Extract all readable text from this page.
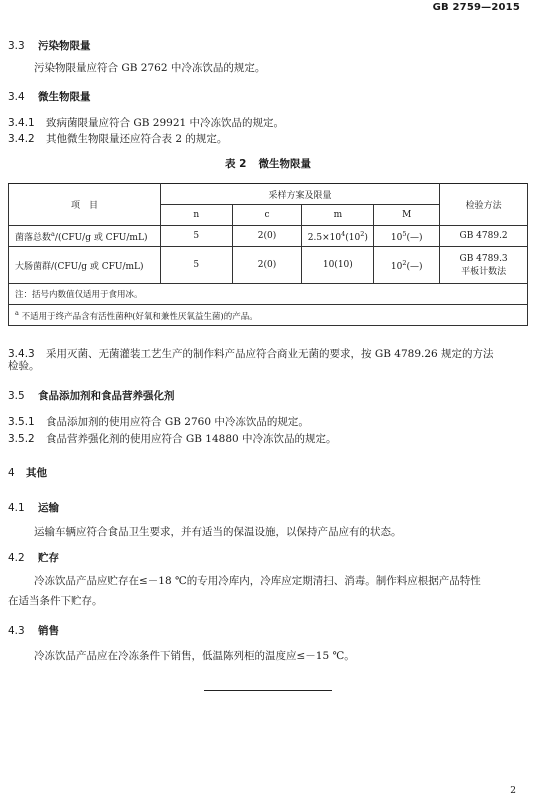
GB 2759—2015
3.3 污染物限量
污染物限量应符合 GB 2762 中冷冻饮品的规定。
3.4 微生物限量
3.4.1 致病菌限量应符合 GB 29921 中冷冻饮品的规定。
3.4.2 其他微生物限量还应符合表 2 的规定。
表 2 微生物限量
项　目	采样方案及限量				检验方法
	n	c	m	M	
菌落总数$^a$/(CFU/g 或 CFU/mL)	5	2(0)	$2.5\times 10^4(10^2)$	$10^5(—)$	GB 4789.2
大肠菌群/(CFU/g 或 CFU/mL)	5	2(0)	10(10)	$10^2(—)$	GB 4789.3
平板计数法

注：括号内数值仅适用于食用冰。					
$^a$ 不适用于终产品含有活性菌种(好氧和兼性厌氧益生菌)的产品。					
3.4.3 采用灭菌、无菌灌装工艺生产的制作料产品应符合商业无菌的要求，按 GB 4789.26 规定的方法
检验。
3.5 食品添加剂和食品营养强化剂
3.5.1 食品添加剂的使用应符合 GB 2760 中冷冻饮品的规定。
3.5.2 食品营养强化剂的使用应符合 GB 14880 中冷冻饮品的规定。
4 其他
4.1 运输
运输车辆应符合食品卫生要求，并有适当的保温设施，以保持产品应有的状态。
4.2 贮存
冷冻饮品产品应贮存在≤－18 ℃的专用冷库内，冷库应定期清扫、消毒。制作料应根据产品特性
在适当条件下贮存。
4.3 销售
冷冻饮品产品应在冷冻条件下销售，低温陈列柜的温度应≤－15 ℃。
2
